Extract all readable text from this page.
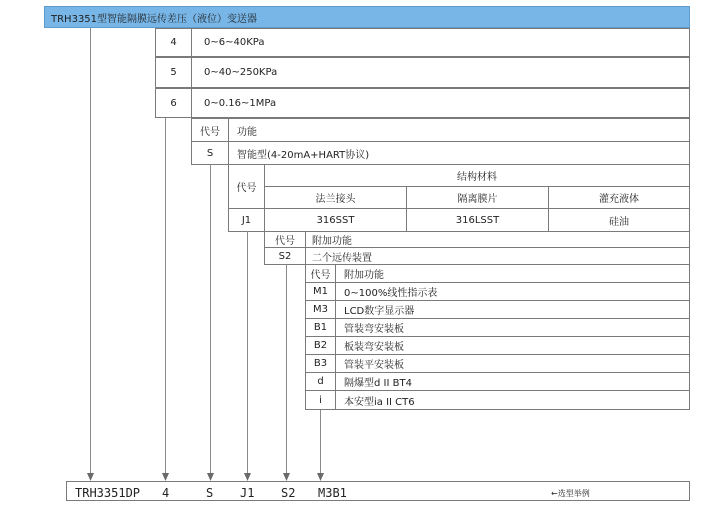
TRH3351型智能隔膜远传差压（液位）变送器
4	0~6~40KPa
5	0~40~250KPa
6	0~0.16~1MPa
代号	功能
S	智能型(4-20mA+HART协议)
代号
结构材料
法兰接头	隔离膜片	灌充液体
J1	316SST	316LSST	硅油
代号	附加功能
S2	二个远传装置
代号	附加功能
M1	0~100%线性指示表
M3	LCD数字显示器
B1	管装弯安装板
B2	板装弯安装板
B3	管装平安装板
d	隔爆型d II BT4
i	本安型ia II CT6
TRH3351DP 4	S J1 S2 M3B1	←选型举例
